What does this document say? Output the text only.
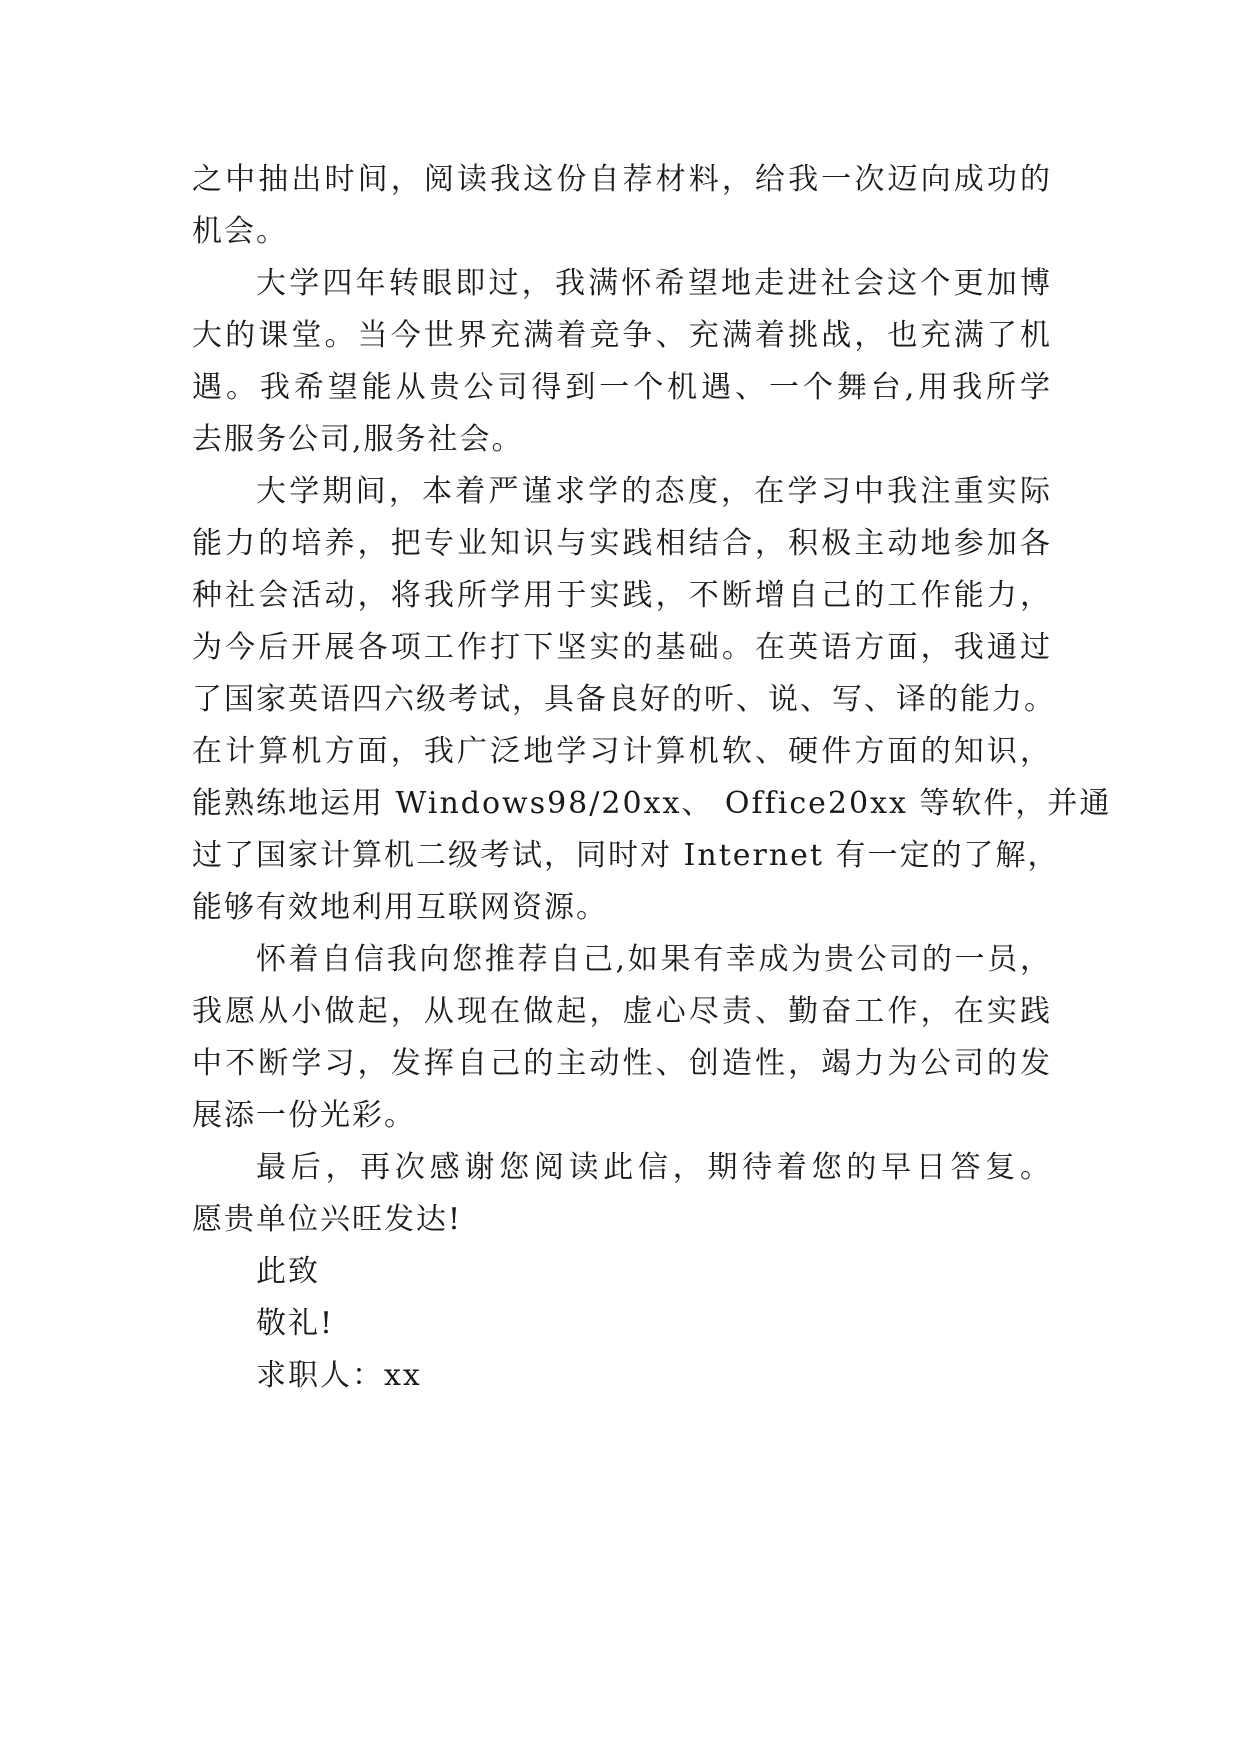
之中抽出时间，阅读我这份自荐材料，给我一次迈向成功的
机会。
大学四年转眼即过，我满怀希望地走进社会这个更加博
大的课堂。当今世界充满着竞争、充满着挑战，也充满了机
遇。我希望能从贵公司得到一个机遇、一个舞台,用我所学
去服务公司,服务社会。
大学期间，本着严谨求学的态度，在学习中我注重实际
能力的培养，把专业知识与实践相结合，积极主动地参加各
种社会活动，将我所学用于实践，不断增自己的工作能力，
为今后开展各项工作打下坚实的基础。在英语方面，我通过
了国家英语四六级考试，具备良好的听、说、写、译的能力。
在计算机方面，我广泛地学习计算机软、硬件方面的知识，
能熟练地运用 Windows98/20xx、 Office20xx 等软件，并通
过了国家计算机二级考试，同时对 Internet 有一定的了解，
能够有效地利用互联网资源。
怀着自信我向您推荐自己,如果有幸成为贵公司的一员，
我愿从小做起，从现在做起，虚心尽责、勤奋工作，在实践
中不断学习，发挥自己的主动性、创造性，竭力为公司的发
展添一份光彩。
最后，再次感谢您阅读此信，期待着您的早日答复。
愿贵单位兴旺发达!
此致
敬礼!
求职人：xx
